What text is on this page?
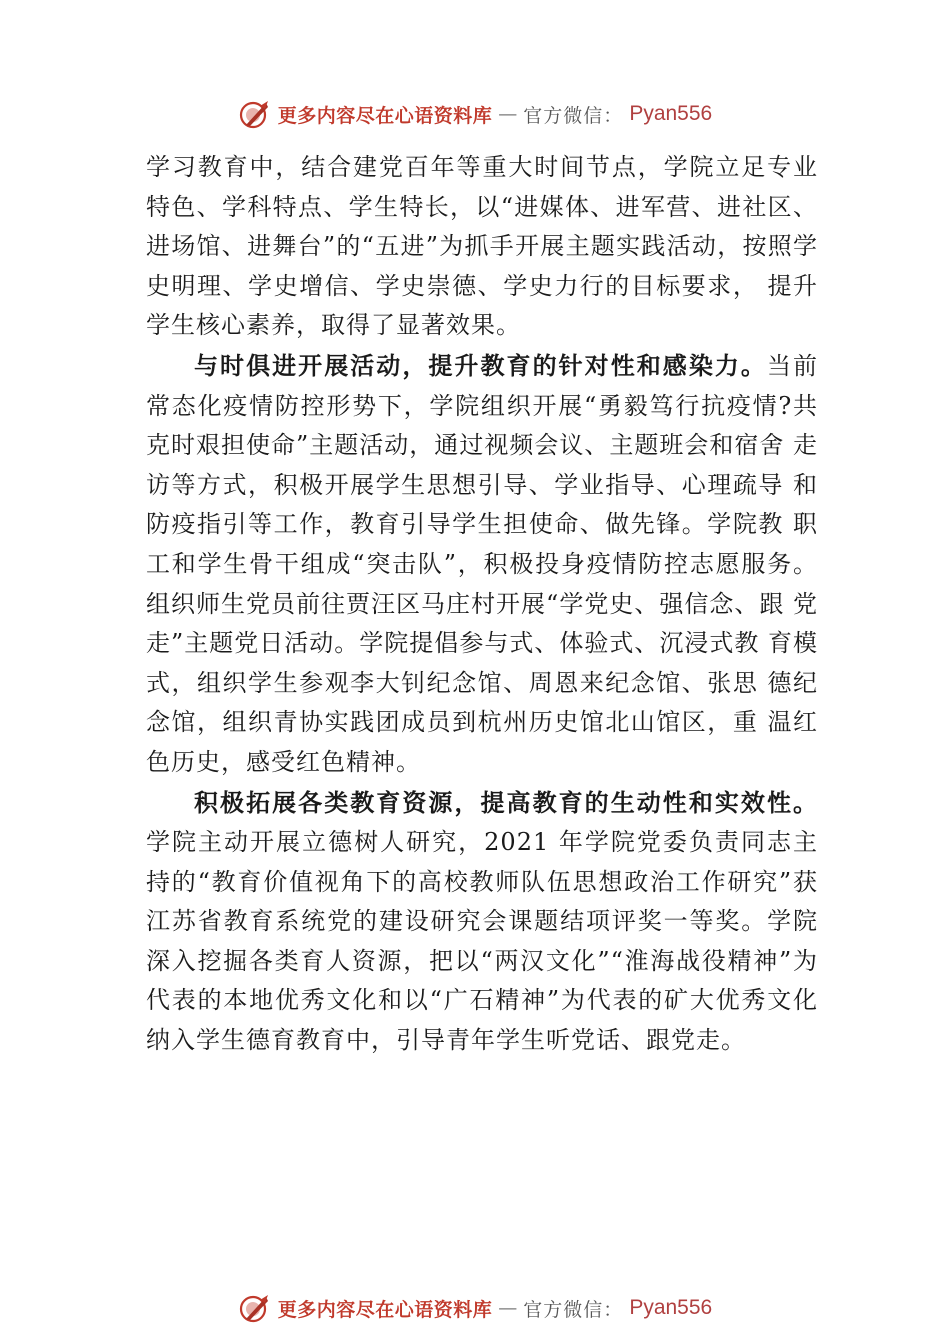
更多内容尽在心语资料库 — 官方微信： Pyan556

学习教育中，结合建党百年等重大时间节点，学院立足专业特色、学科特点、学生特长，以“进媒体、进军营、进社区、进场馆、进舞台”的“五进”为抓手开展主题实践活动，按照学史明理、学史增信、学史崇德、学史力行的目标要求， 提升学生核心素养，取得了显著效果。

与时俱进开展活动，提升教育的针对性和感染力。当前常态化疫情防控形势下，学院组织开展“勇毅笃行抗疫情?共克时艰担使命”主题活动，通过视频会议、主题班会和宿舍 走访等方式，积极开展学生思想引导、学业指导、心理疏导 和防疫指引等工作，教育引导学生担使命、做先锋。学院教 职工和学生骨干组成“突击队”，积极投身疫情防控志愿服务。组织师生党员前往贾汪区马庄村开展“学党史、强信念、跟 党走”主题党日活动。学院提倡参与式、体验式、沉浸式教 育模式，组织学生参观李大钊纪念馆、周恩来纪念馆、张思 德纪念馆，组织青协实践团成员到杭州历史馆北山馆区，重 温红色历史，感受红色精神。

积极拓展各类教育资源，提高教育的生动性和实效性。学院主动开展立德树人研究，2021 年学院党委负责同志主持的“教育价值视角下的高校教师队伍思想政治工作研究”获江苏省教育系统党的建设研究会课题结项评奖一等奖。学院深入挖掘各类育人资源，把以“两汉文化”“淮海战役精神”为代表的本地优秀文化和以“广石精神”为代表的矿大优秀文化纳入学生德育教育中，引导青年学生听党话、跟党走。

更多内容尽在心语资料库 — 官方微信： Pyan556
